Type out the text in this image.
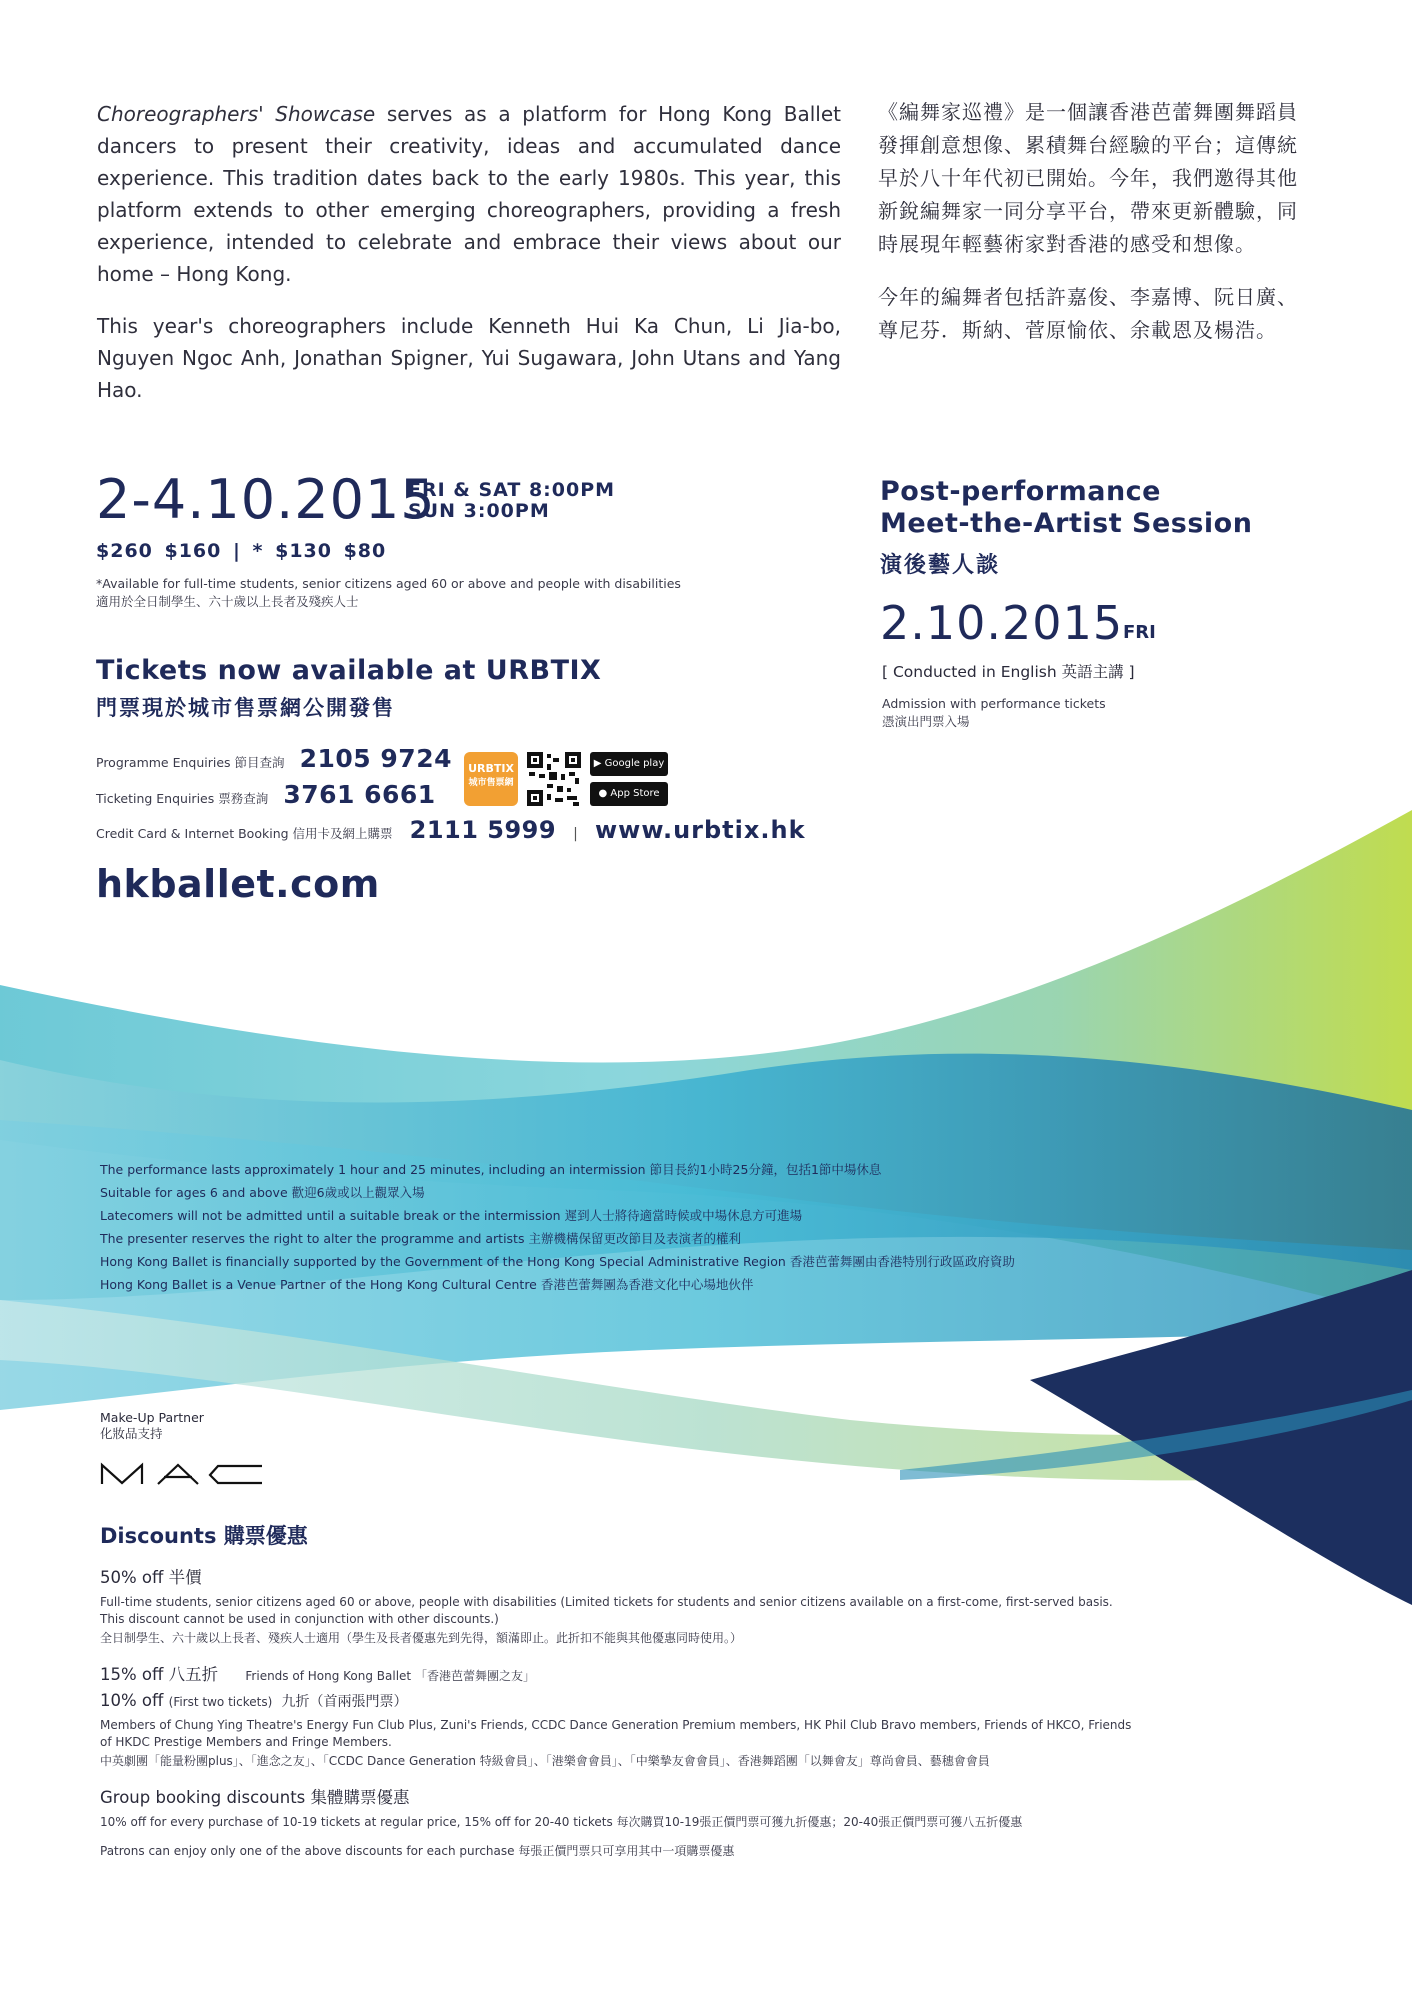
Choreographers' Showcase serves as a platform for Hong Kong Ballet dancers to present their creativity, ideas and accumulated dance experience. This tradition dates back to the early 1980s. This year, this platform extends to other emerging choreographers, providing a fresh experience, intended to celebrate and embrace their views about our home – Hong Kong.

This year's choreographers include Kenneth Hui Ka Chun, Li Jia-bo, Nguyen Ngoc Anh, Jonathan Spigner, Yui Sugawara, John Utans and Yang Hao.

《編舞家巡禮》是一個讓香港芭蕾舞團舞蹈員發揮創意想像、累積舞台經驗的平台；這傳統早於八十年代初已開始。今年，我們邀得其他新銳編舞家一同分享平台，帶來更新體驗，同時展現年輕藝術家對香港的感受和想像。

今年的編舞者包括許嘉俊、李嘉博、阮日廣、尊尼芬．斯納、菅原愉依、余載恩及楊浩。

2-4.10.2015
FRI & SAT 8:00PM
SUN 3:00PM
$260 $160 | * $130 $80
*Available for full-time students, senior citizens aged 60 or above and people with disabilities
適用於全日制學生、六十歲以上長者及殘疾人士
Tickets now available at URBTIX
門票現於城市售票網公開發售
Programme Enquiries 節目查詢 2105 9724
Ticketing Enquiries 票務查詢 3761 6661
Credit Card & Internet Booking 信用卡及網上購票 2111 5999 | www.urbtix.hk
URBTIX
城市售票網
▶ Google play
● App Store
hkballet.com
Post-performance
Meet-the-Artist Session
演後藝人談
2.10.2015 FRI
[ Conducted in English 英語主講 ]
Admission with performance tickets
憑演出門票入場
The performance lasts approximately 1 hour and 25 minutes, including an intermission 節目長約1小時25分鐘，包括1節中場休息
Suitable for ages 6 and above 歡迎6歲或以上觀眾入場
Latecomers will not be admitted until a suitable break or the intermission 遲到人士將待適當時候或中場休息方可進場
The presenter reserves the right to alter the programme and artists 主辦機構保留更改節目及表演者的權利
Hong Kong Ballet is financially supported by the Government of the Hong Kong Special Administrative Region 香港芭蕾舞團由香港特別行政區政府資助
Hong Kong Ballet is a Venue Partner of the Hong Kong Cultural Centre 香港芭蕾舞團為香港文化中心場地伙伴
Make-Up Partner
化妝品支持
MAC
Discounts 購票優惠
50% off 半價
Full-time students, senior citizens aged 60 or above, people with disabilities (Limited tickets for students and senior citizens available on a first-come, first-served basis. This discount cannot be used in conjunction with other discounts.)
全日制學生、六十歲以上長者、殘疾人士適用（學生及長者優惠先到先得，額滿即止。此折扣不能與其他優惠同時使用。）
15% off 八五折 Friends of Hong Kong Ballet 「香港芭蕾舞團之友」
10% off (First two tickets) 九折（首兩張門票）
Members of Chung Ying Theatre's Energy Fun Club Plus, Zuni's Friends, CCDC Dance Generation Premium members, HK Phil Club Bravo members, Friends of HKCO, Friends of HKDC Prestige Members and Fringe Members.
中英劇團「能量粉團plus」、「進念之友」、「CCDC Dance Generation 特級會員」、「港樂會會員」、「中樂摯友會會員」、香港舞蹈團「以舞會友」尊尚會員、藝穗會會員
Group booking discounts 集體購票優惠
10% off for every purchase of 10-19 tickets at regular price, 15% off for 20-40 tickets 每次購買10-19張正價門票可獲九折優惠；20-40張正價門票可獲八五折優惠
Patrons can enjoy only one of the above discounts for each purchase 每張正價門票只可享用其中一項購票優惠
